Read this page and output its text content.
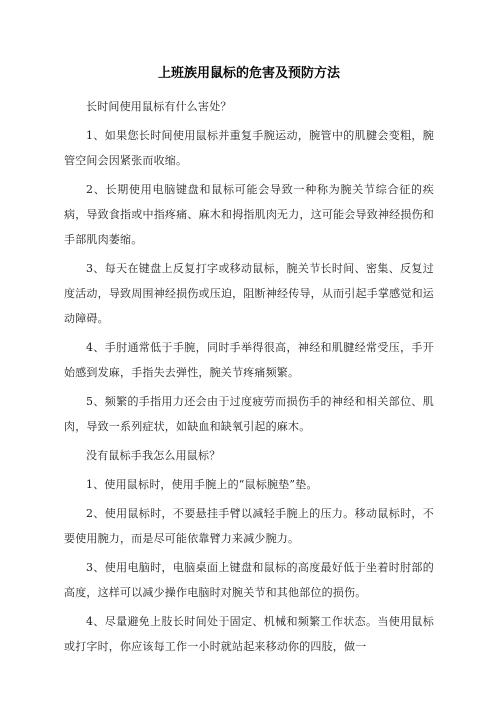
上班族用鼠标的危害及预防方法

长时间使用鼠标有什么害处？

1、如果您长时间使用鼠标并重复手腕运动，腕管中的肌腱会变粗，腕管空间会因紧张而收缩。

2、长期使用电脑键盘和鼠标可能会导致一种称为腕关节综合征的疾病，导致食指或中指疼痛、麻木和拇指肌肉无力，这可能会导致神经损伤和手部肌肉萎缩。

3、每天在键盘上反复打字或移动鼠标，腕关节长时间、密集、反复过度活动，导致周围神经损伤或压迫，阻断神经传导，从而引起手掌感觉和运动障碍。

4、手肘通常低于手腕，同时手举得很高，神经和肌腱经常受压，手开始感到发麻，手指失去弹性，腕关节疼痛频繁。

5、频繁的手指用力还会由于过度疲劳而损伤手的神经和相关部位、肌肉，导致一系列症状，如缺血和缺氧引起的麻木。

没有鼠标手我怎么用鼠标？

1、使用鼠标时，使用手腕上的“鼠标腕垫”垫。

2、使用鼠标时，不要悬挂手臂以减轻手腕上的压力。移动鼠标时，不要使用腕力，而是尽可能依靠臂力来减少腕力。

3、使用电脑时，电脑桌面上键盘和鼠标的高度最好低于坐着时肘部的高度，这样可以减少操作电脑时对腕关节和其他部位的损伤。

4、尽量避免上肢长时间处于固定、机械和频繁工作状态。当使用鼠标或打字时，你应该每工作一小时就站起来移动你的四肢，做一
